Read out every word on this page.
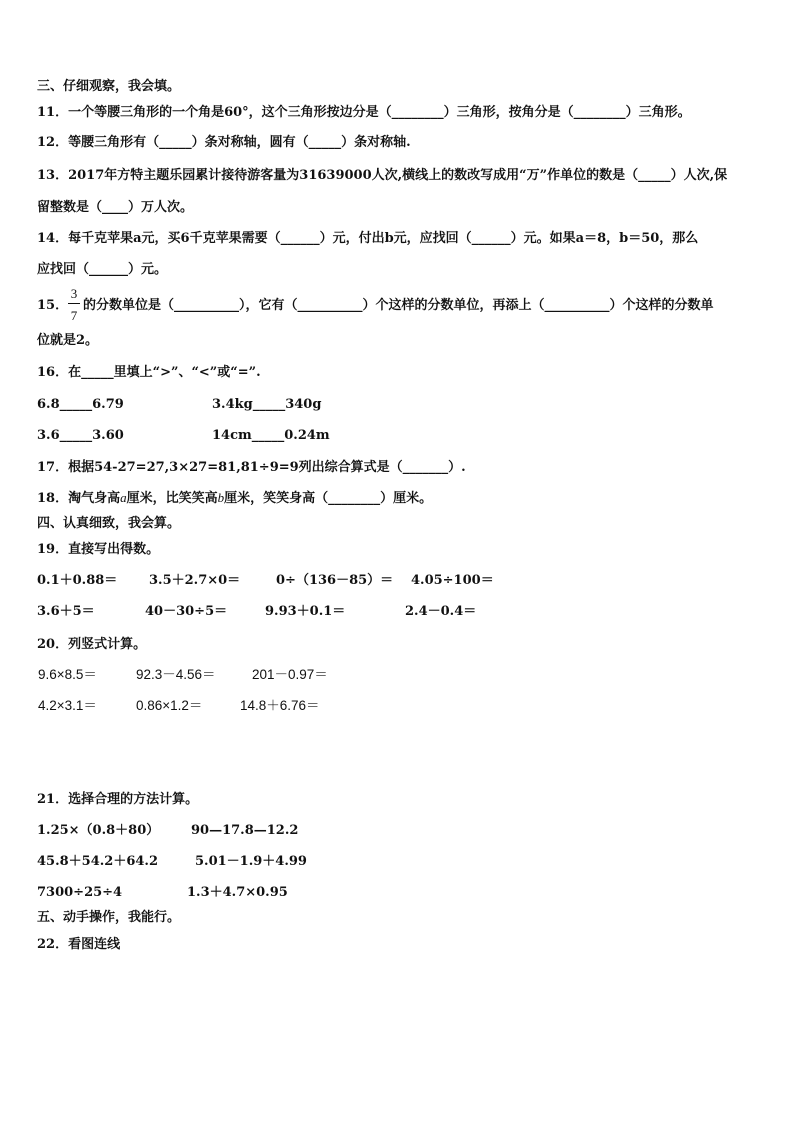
三、仔细观察，我会填。
11．一个等腰三角形的一个角是60°，这个三角形按边分是（________）三角形，按角分是（________）三角形。
12．等腰三角形有（_____）条对称轴，圆有（_____）条对称轴.
13．2017年方特主题乐园累计接待游客量为31639000人次,横线上的数改写成用“万”作单位的数是（_____）人次,保
留整数是（____）万人次。
14．每千克苹果a元，买6千克苹果需要（______）元，付出b元，应找回（______）元。如果a＝8，b＝50，那么
应找回（______）元。
15．
3
7
的分数单位是（__________），它有（__________）个这样的分数单位，再添上（__________）个这样的分数单
位就是2。
16．在_____里填上“>”、“<”或“=”.
6.8_____6.79	3.4kg_____340g
3.6_____3.60	14cm_____0.24m
17．根据54-27=27,3×27=81,81÷9=9列出综合算式是（_______）.
18．淘气身高a厘米，比笑笑高b厘米，笑笑身高（________）厘米。
四、认真细致，我会算。
19．直接写出得数。
0.1＋0.88＝ 3.5＋2.7×0＝	0÷（136－85）＝ 4.05÷100＝
3.6＋5＝	40－30÷5＝	9.93＋0.1＝	2.4－0.4＝
20．列竖式计算。
9.6×8.5＝	92.3－4.56＝	201－0.97＝
4.2×3.1＝	0.86×1.2＝	14.8＋6.76＝
21．选择合理的方法计算。
1.25×（0.8＋80） 90—17.8—12.2
45.8＋54.2＋64.2	5.01－1.9＋4.99
7300÷25÷4	1.3＋4.7×0.95
五、动手操作，我能行。
22．看图连线
